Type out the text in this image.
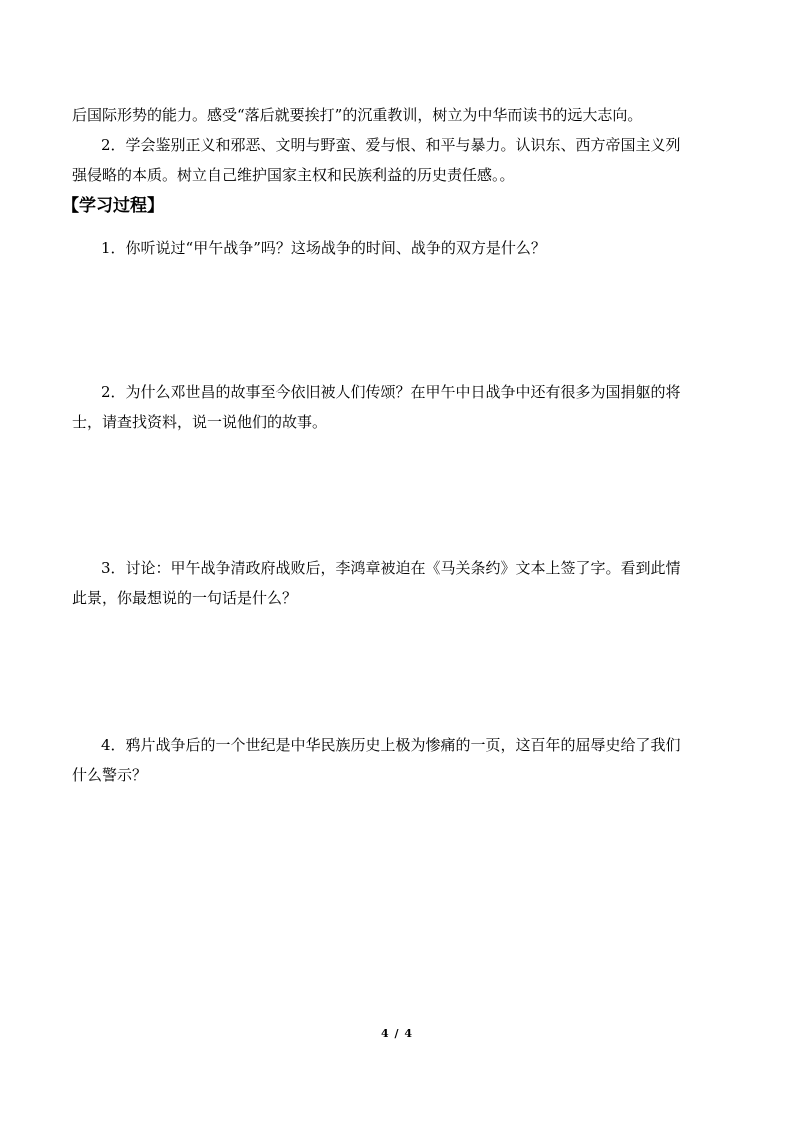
后国际形势的能力。感受“落后就要挨打”的沉重教训，树立为中华而读书的远大志向。
2．学会鉴别正义和邪恶、文明与野蛮、爱与恨、和平与暴力。认识东、西方帝国主义列
强侵略的本质。树立自己维护国家主权和民族利益的历史责任感。。
【学习过程】
1．你听说过“甲午战争”吗？这场战争的时间、战争的双方是什么？
2．为什么邓世昌的故事至今依旧被人们传颂？在甲午中日战争中还有很多为国捐躯的将
士，请查找资料，说一说他们的故事。
3．讨论：甲午战争清政府战败后，李鸿章被迫在《马关条约》文本上签了字。看到此情
此景，你最想说的一句话是什么？
4．鸦片战争后的一个世纪是中华民族历史上极为惨痛的一页，这百年的屈辱史给了我们
什么警示？
4 / 4
